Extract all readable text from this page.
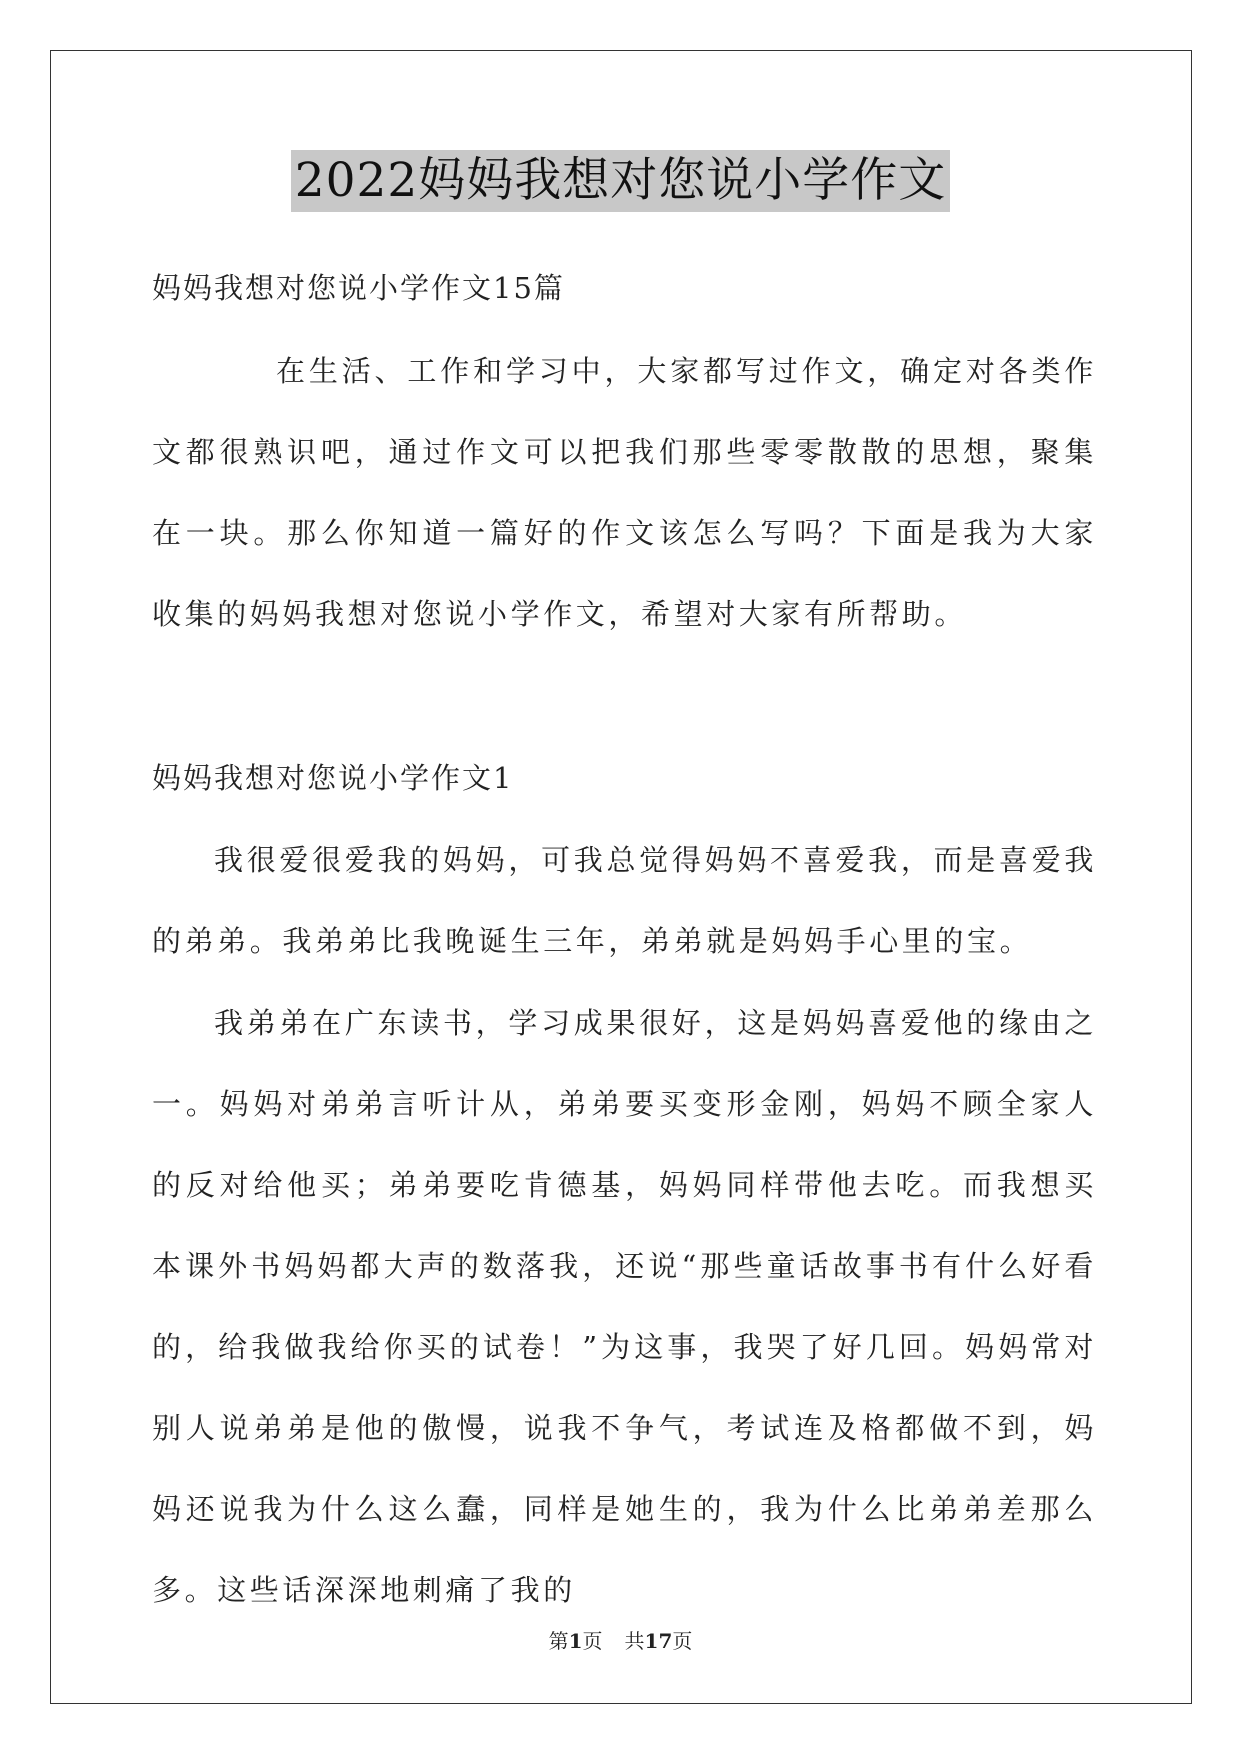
2022妈妈我想对您说小学作文

妈妈我想对您说小学作文15篇

在生活、工作和学习中，大家都写过作文，确定对各类作文都很熟识吧，通过作文可以把我们那些零零散散的思想，聚集在一块。那么你知道一篇好的作文该怎么写吗？下面是我为大家收集的妈妈我想对您说小学作文，希望对大家有所帮助。

妈妈我想对您说小学作文1

我很爱很爱我的妈妈，可我总觉得妈妈不喜爱我，而是喜爱我的弟弟。我弟弟比我晚诞生三年，弟弟就是妈妈手心里的宝。

我弟弟在广东读书，学习成果很好，这是妈妈喜爱他的缘由之一。妈妈对弟弟言听计从，弟弟要买变形金刚，妈妈不顾全家人的反对给他买；弟弟要吃肯德基，妈妈同样带他去吃。而我想买本课外书妈妈都大声的数落我，还说“那些童话故事书有什么好看的，给我做我给你买的试卷！”为这事，我哭了好几回。妈妈常对别人说弟弟是他的傲慢，说我不争气，考试连及格都做不到，妈妈还说我为什么这么蠢，同样是她生的，我为什么比弟弟差那么多。这些话深深地刺痛了我的

第1页 共17页
